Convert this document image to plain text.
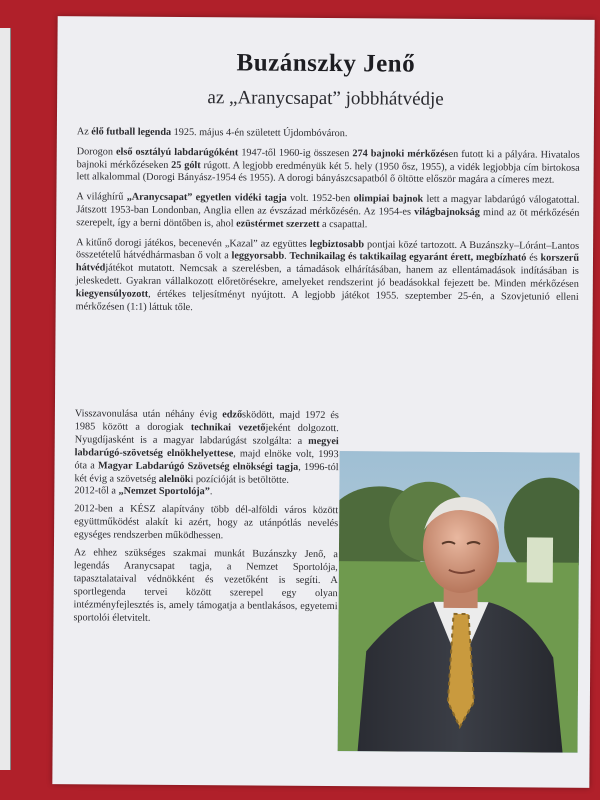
Buzánszky Jenő
az „Aranycsapat” jobbhátvédje

Az élő futball legenda 1925. május 4-én született Újdombóváron.

Dorogon első osztályú labdarúgóként 1947-től 1960-ig összesen 274 bajnoki mérkőzésen futott ki a pályára. Hivatalos bajnoki mérkőzéseken 25 gólt rúgott. A legjobb eredményük két 5. hely (1950 ősz, 1955), a vidék legjobbja cím birtokosa lett alkalommal (Dorogi Bányász-1954 és 1955). A dorogi bányászcsapatból ő öltötte először magára a címeres mezt.

A világhírű „Aranycsapat” egyetlen vidéki tagja volt. 1952-ben olimpiai bajnok lett a magyar labdarúgó válogatottal. Játszott 1953-ban Londonban, Anglia ellen az évszázad mérkőzésén. Az 1954-es világbajnokság mind az öt mérkőzésén szerepelt, így a berni döntőben is, ahol ezüstérmet szerzett a csapattal.

A kitűnő dorogi játékos, becenevén „Kazal” az együttes legbiztosabb pontjai közé tartozott. A Buzánszky–Lóránt–Lantos összetételű hátvédhármasban ő volt a leggyorsabb. Technikailag és taktikailag egyaránt érett, megbízható és korszerű hátvédjátékot mutatott. Nemcsak a szerelésben, a támadások elhárításában, hanem az ellentámadások indításában is jeleskedett. Gyakran vállalkozott előretörésekre, amelyeket rendszerint jó beadásokkal fejezett be. Minden mérkőzésen kiegyensúlyozott, értékes teljesítményt nyújtott. A legjobb játékot 1955. szeptember 25-én, a Szovjetunió elleni mérkőzésen (1:1) láttuk tőle.

Visszavonulása után néhány évig edzősködött, majd 1972 és 1985 között a dorogiak technikai vezetőjeként dolgozott. Nyugdíjasként is a magyar labdarúgást szolgálta: a megyei labdarúgó-szövetség elnökhelyettese, majd elnöke volt, 1993 óta a Magyar Labdarúgó Szövetség elnökségi tagja, 1996-tól két évig a szövetség alelnöki pozícióját is betöltötte.
2012-től a „Nemzet Sportolója”.

2012-ben a KÉSZ alapítvány több dél-alföldi város között együttműködést alakít ki azért, hogy az utánpótlás nevelés egységes rendszerben működhessen.

Az ehhez szükséges szakmai munkát Buzánszky Jenő, a legendás Aranycsapat tagja, a Nemzet Sportolója, tapasztalataival védnökként és vezetőként is segíti. A sportlegenda tervei között szerepel egy olyan intézményfejlesztés is, amely támogatja a bentlakásos, egyetemi sportolói életvitelt.
